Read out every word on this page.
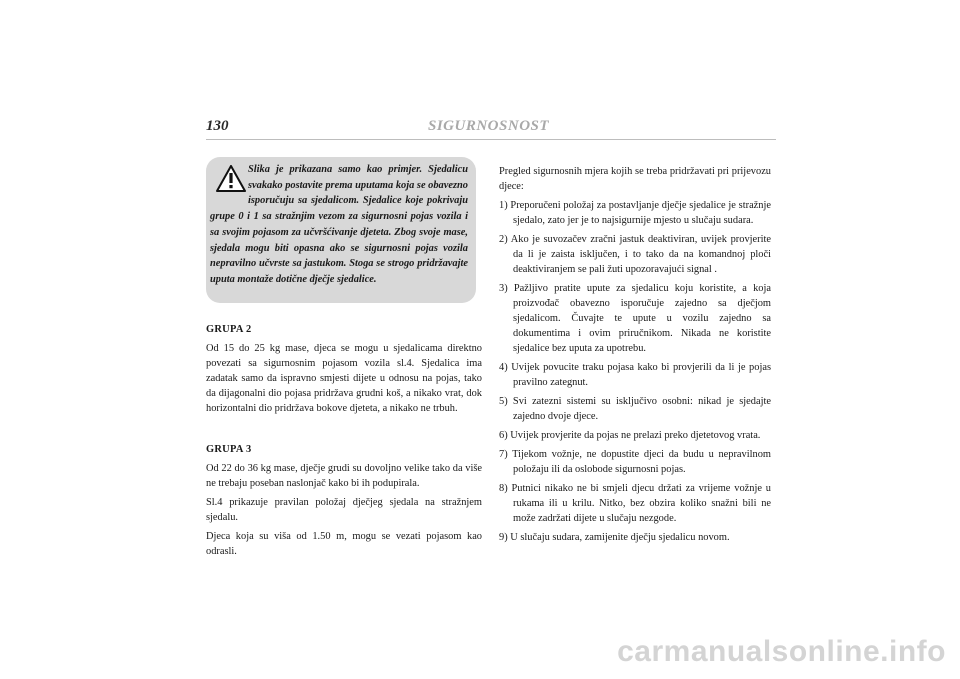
130	SIGURNOSNOST
Slika je prikazana samo kao primjer. Sjedalicu svakako postavite prema uputama koja se obavezno isporučuju sa sjedalicom. Sjedalice koje pokrivaju grupe 0 i 1 sa stražnjim vezom za sigurnosni pojas vozila i sa svojim pojasom za učvršćivanje djeteta. Zbog svoje mase, sjedala mogu biti opasna ako se sigurnosni pojas vozila nepravilno učvrste sa jastukom. Stoga se strogo pridržavajte uputa montaže dotične dječje sjedalice.

GRUPA 2

Od 15 do 25 kg mase, djeca se mogu u sjedalicama direktno povezati sa sigurnosnim pojasom vozila sl.4. Sjedalica ima zadatak samo da ispravno smjesti dijete u odnosu na pojas, tako da dijagonalni dio pojasa pridržava grudni koš, a nikako vrat, dok horizontalni dio pridržava bokove djeteta, a nikako ne trbuh.

GRUPA 3

Od 22 do 36 kg mase, dječje grudi su dovoljno velike tako da više ne trebaju poseban naslonjač kako bi ih podupirala.

Sl.4 prikazuje pravilan položaj dječjeg sjedala na stražnjem sjedalu.

Djeca koja su viša od 1.50 m, mogu se vezati pojasom kao odrasli.

Pregled sigurnosnih mjera kojih se treba pridržavati pri prijevozu djece:

1) Preporučeni položaj za postavljanje dječje sjedalice je stražnje sjedalo, zato jer je to najsigurnije mjesto u slučaju sudara.
2) Ako je suvozačev zračni jastuk deaktiviran, uvijek provjerite da li je zaista isključen, i to tako da na komandnoj ploči deaktiviranjem se pali žuti upozoravajući signal .
3) Pažljivo pratite upute za sjedalicu koju koristite, a koja proizvođač obavezno isporučuje zajedno sa dječjom sjedalicom. Čuvajte te upute u vozilu zajedno sa dokumentima i ovim priručnikom. Nikada ne koristite sjedalice bez uputa za upotrebu.
4) Uvijek povucite traku pojasa kako bi provjerili da li je pojas pravilno zategnut.
5) Svi zatezni sistemi su isključivo osobni: nikad je sjedajte zajedno dvoje djece.
6) Uvijek provjerite da pojas ne prelazi preko djetetovog vrata.
7) Tijekom vožnje, ne dopustite djeci da budu u nepravilnom položaju ili da oslobode sigurnosni pojas.
8) Putnici nikako ne bi smjeli djecu držati za vrijeme vožnje u rukama ili u krilu. Nitko, bez obzira koliko snažni bili ne može zadržati dijete u slučaju nezgode.
9) U slučaju sudara, zamijenite dječju sjedalicu novom.
carmanualsonline.info
